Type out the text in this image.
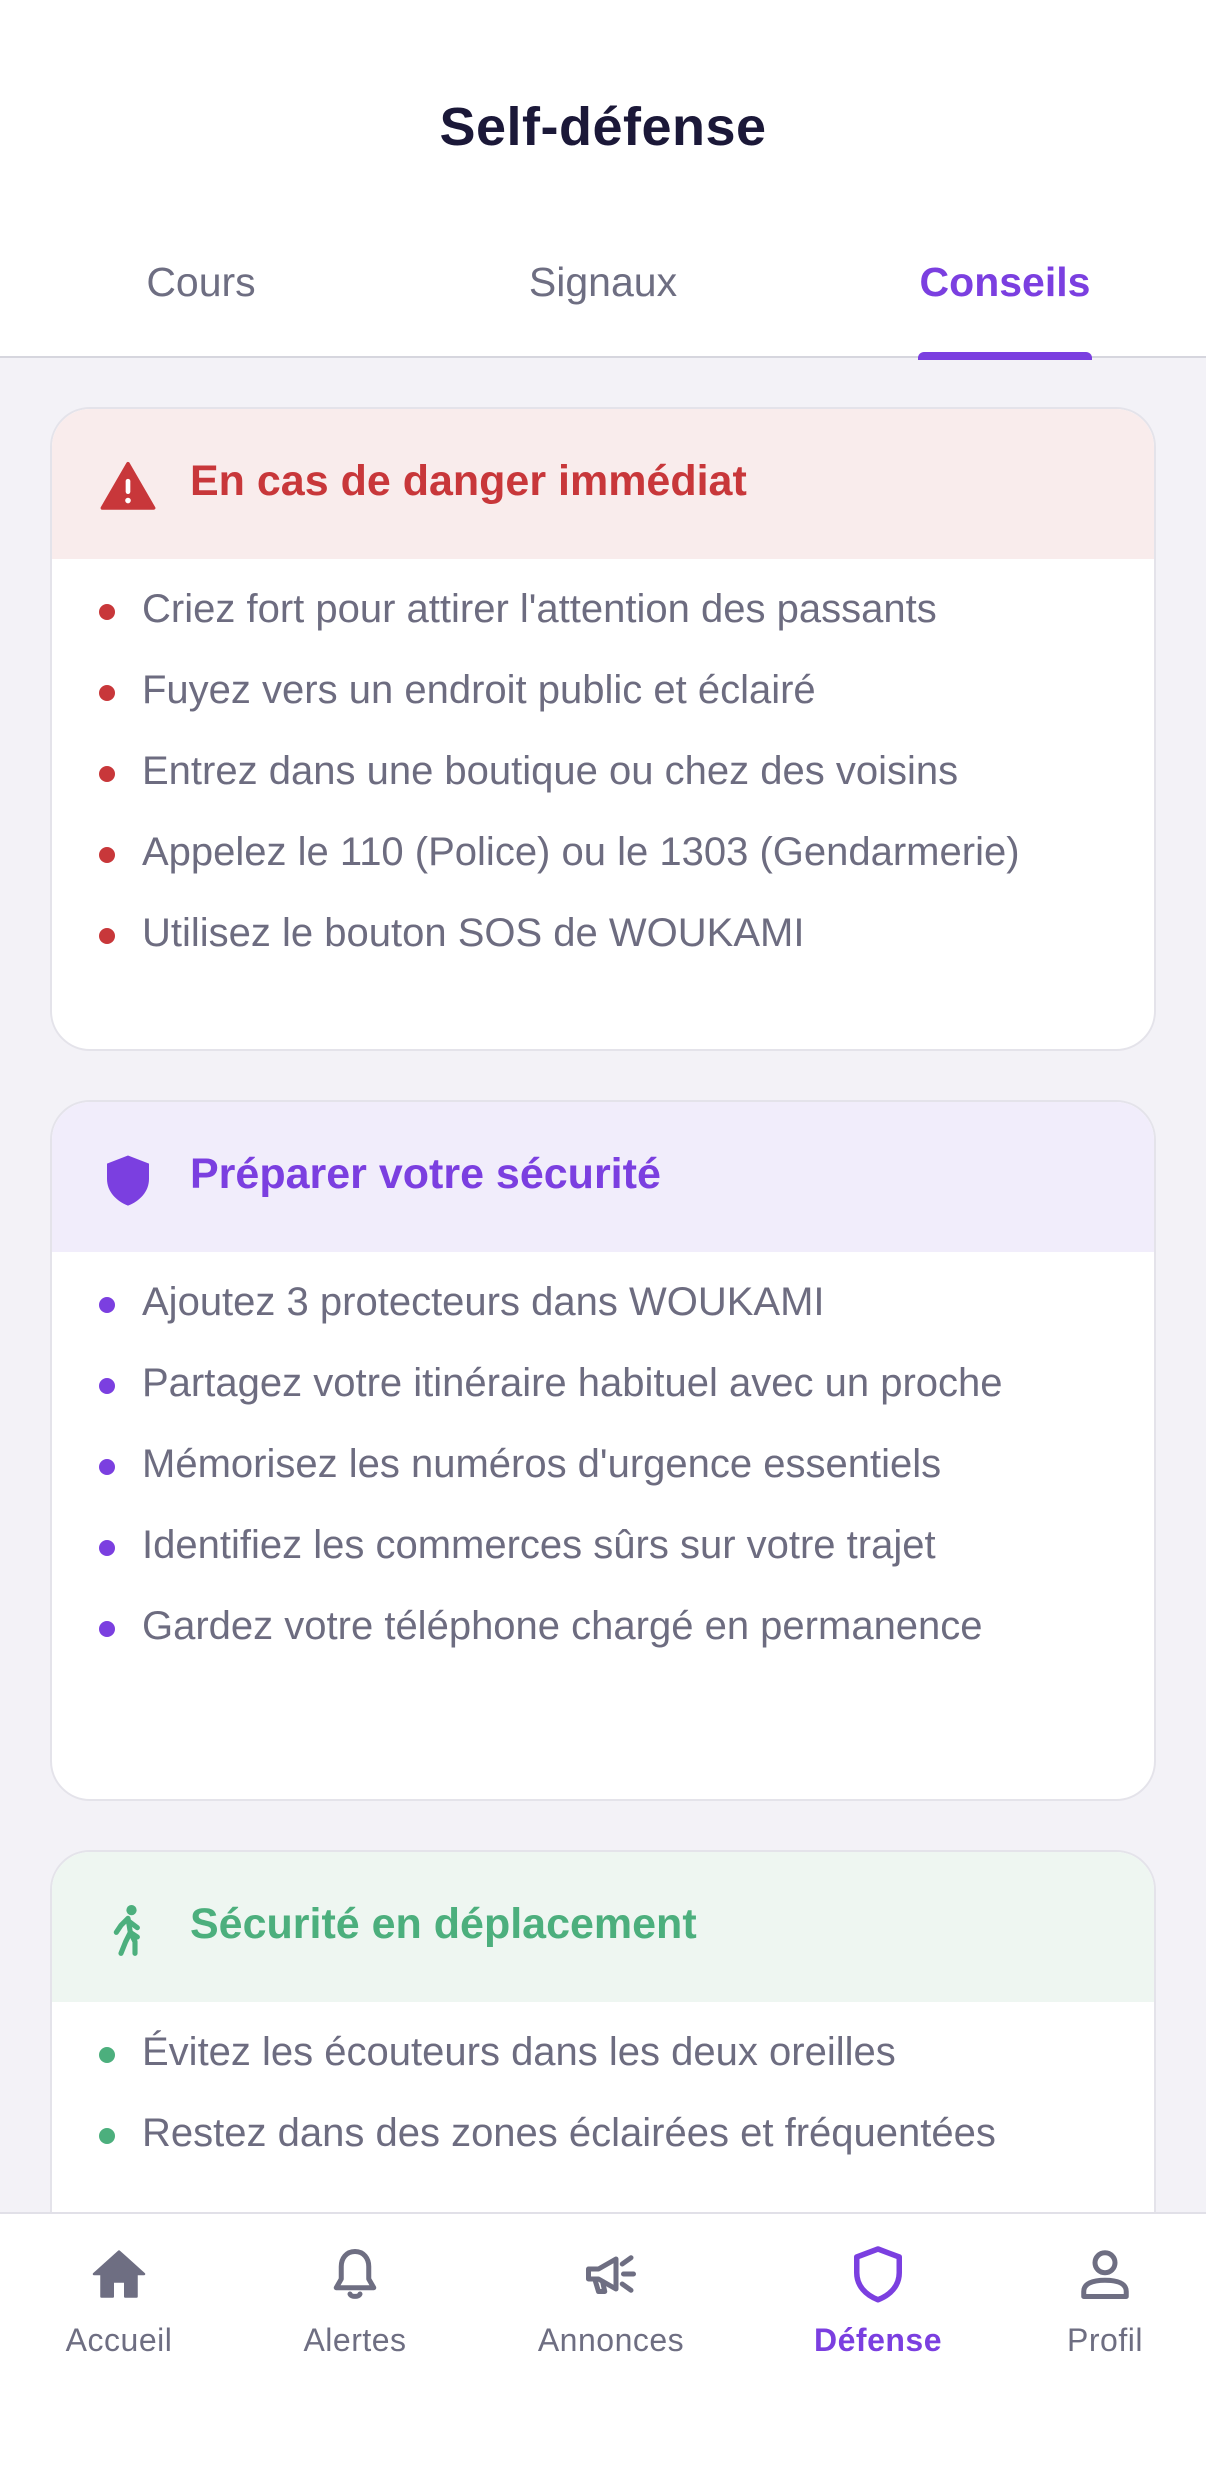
Self-défense
Cours	Signaux	Conseils
En cas de danger immédiat
Criez fort pour attirer l'attention des passants
Fuyez vers un endroit public et éclairé
Entrez dans une boutique ou chez des voisins
Appelez le 110 (Police) ou le 1303 (Gendarmerie)
Utilisez le bouton SOS de WOUKAMI
Préparer votre sécurité
Ajoutez 3 protecteurs dans WOUKAMI
Partagez votre itinéraire habituel avec un proche
Mémorisez les numéros d'urgence essentiels
Identifiez les commerces sûrs sur votre trajet
Gardez votre téléphone chargé en permanence
Sécurité en déplacement
Évitez les écouteurs dans les deux oreilles
Restez dans des zones éclairées et fréquentées
Accueil	Alertes	Annonces	Défense	Profil
